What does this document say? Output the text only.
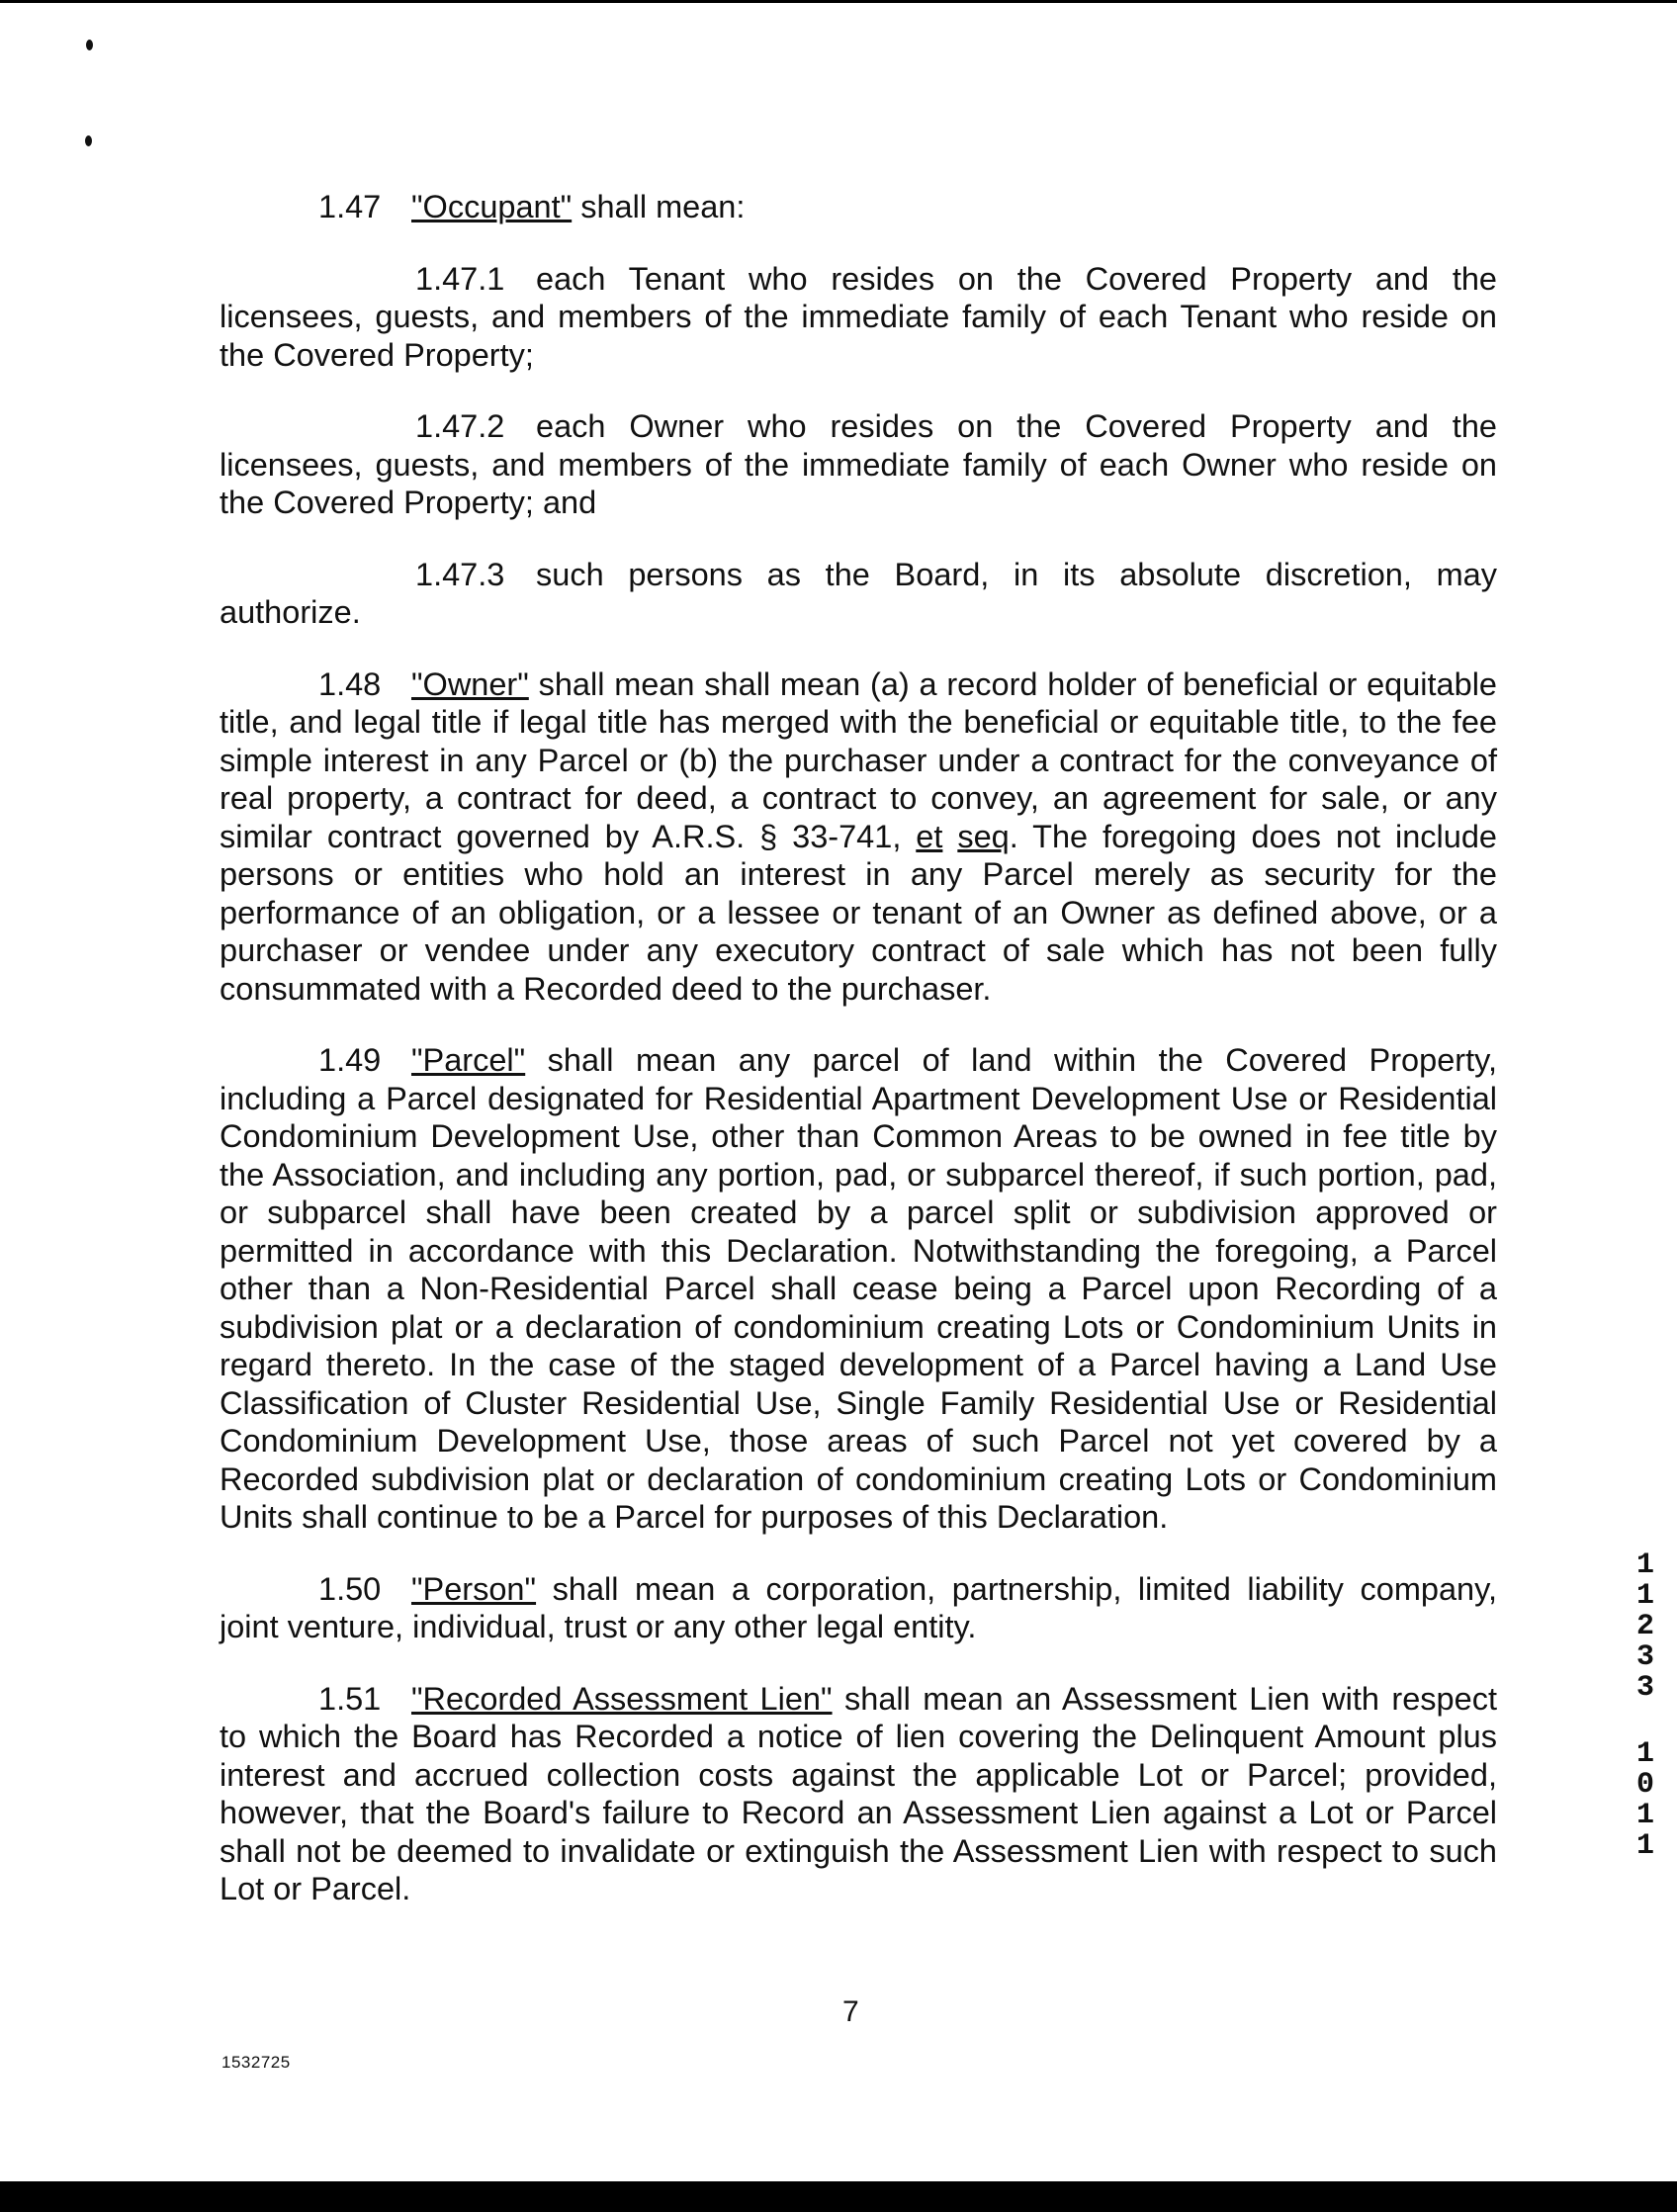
1.47 "Occupant" shall mean:

1.47.1 each Tenant who resides on the Covered Property and the licensees, guests, and members of the immediate family of each Tenant who reside on the Covered Property;

1.47.2 each Owner who resides on the Covered Property and the licensees, guests, and members of the immediate family of each Owner who reside on the Covered Property; and

1.47.3 such persons as the Board, in its absolute discretion, may authorize.

1.48 "Owner" shall mean shall mean (a) a record holder of beneficial or equitable title, and legal title if legal title has merged with the beneficial or equitable title, to the fee simple interest in any Parcel or (b) the purchaser under a contract for the conveyance of real property, a contract for deed, a contract to convey, an agreement for sale, or any similar contract governed by A.R.S. § 33-741, et seq. The foregoing does not include persons or entities who hold an interest in any Parcel merely as security for the performance of an obligation, or a lessee or tenant of an Owner as defined above, or a purchaser or vendee under any executory contract of sale which has not been fully consummated with a Recorded deed to the purchaser.

1.49 "Parcel" shall mean any parcel of land within the Covered Property, including a Parcel designated for Residential Apartment Development Use or Residential Condominium Development Use, other than Common Areas to be owned in fee title by the Association, and including any portion, pad, or subparcel thereof, if such portion, pad, or subparcel shall have been created by a parcel split or subdivision approved or permitted in accordance with this Declaration. Notwithstanding the foregoing, a Parcel other than a Non-Residential Parcel shall cease being a Parcel upon Recording of a subdivision plat or a declaration of condominium creating Lots or Condominium Units in regard thereto. In the case of the staged development of a Parcel having a Land Use Classification of Cluster Residential Use, Single Family Residential Use or Residential Condominium Development Use, those areas of such Parcel not yet covered by a Recorded subdivision plat or declaration of condominium creating Lots or Condominium Units shall continue to be a Parcel for purposes of this Declaration.

1.50 "Person" shall mean a corporation, partnership, limited liability company, joint venture, individual, trust or any other legal entity.

1.51 "Recorded Assessment Lien" shall mean an Assessment Lien with respect to which the Board has Recorded a notice of lien covering the Delinquent Amount plus interest and accrued collection costs against the applicable Lot or Parcel; provided, however, that the Board's failure to Record an Assessment Lien against a Lot or Parcel shall not be deemed to invalidate or extinguish the Assessment Lien with respect to such Lot or Parcel.

1
1
2
3
3
1
0
1
1
7
1532725
